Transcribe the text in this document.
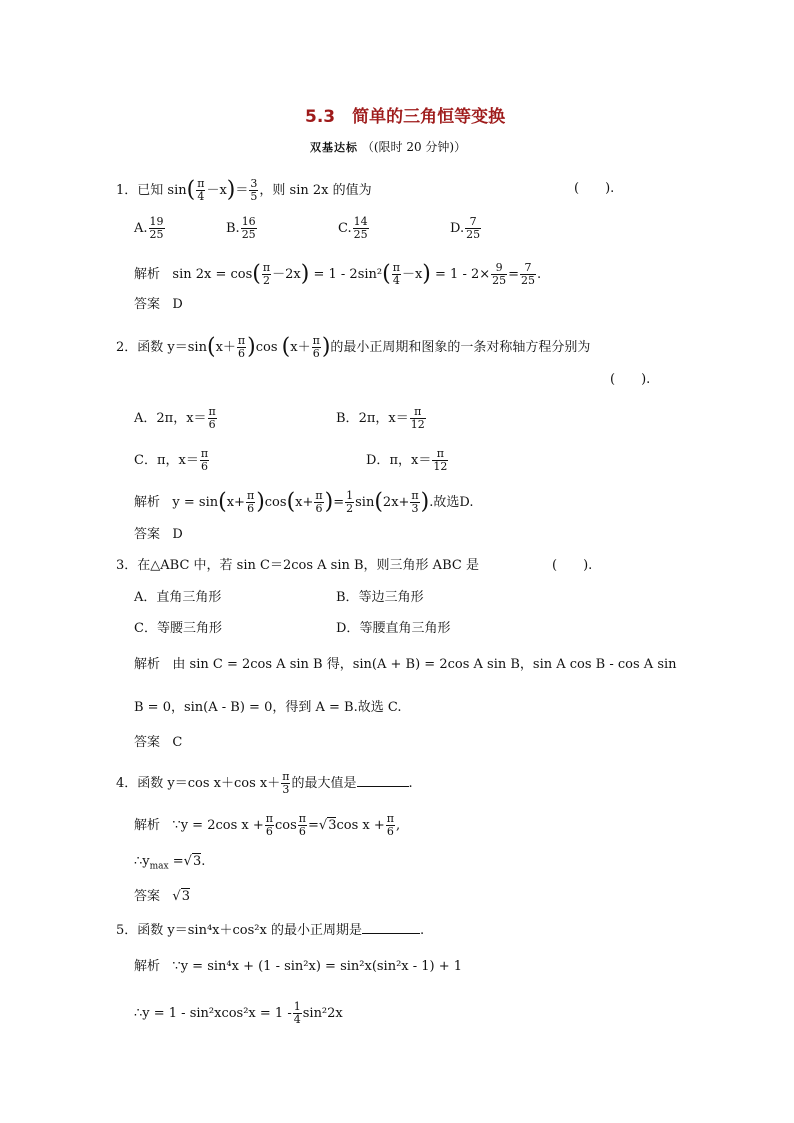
5.3　简单的三角恒等变换
双基达标 （(限时 20 分钟)）
1．已知 $\sin( \frac{\pi}{4} -x)= \frac{3}{5}$ ，则 sin 2x 的值为	(　　).
A. $\frac{19}{25}$	B. $\frac{16}{25}$	C. $\frac{14}{25}$	D. $\frac{7}{25}$
解析 $\sin 2x = \cos( \frac{\pi}{2} -2x) = 1 - 2\sin^2( \frac{\pi}{4} -x) = 1 - 2\times \frac{9}{25} = \frac{7}{25}$ .
答案 D
2．函数 $y=\sin(x+ \frac{\pi}{6} )\cos$ ($x+ \frac{\pi}{6}$ )的最小正周期和图象的一条对称轴方程分别为
(　　).
A．2π，$x= \frac{\pi}{6}$	B．2π，$x= \frac{\pi}{12}$
C．π，$x= \frac{\pi}{6}$	D．π，$x= \frac{\pi}{12}$
解析 $y = \sin(x+ \frac{\pi}{6} )\cos(x+ \frac{\pi}{6}$ )= $\frac{1}{2} \sin(2x+ \frac{\pi}{3}$ ).故选D.
答案 D
3．在△ABC 中，若 sin C＝2cos A sin B，则三角形 ABC 是	(　　).
A．直角三角形	B．等边三角形
C．等腰三角形	D．等腰直角三角形
解析 由 sin C = 2cos A sin B 得，sin(A + B) = 2cos A sin B，sin A cos B - cos A sin
B = 0，sin(A - B) = 0，得到 A = B.故选 C.
答案 C
4．函数 y＝cos x＋cos $x+ \frac{\pi}{3}$ 的最大值是	.
解析 ∵y = 2cos $x + \frac{\pi}{6}$ $\cos \frac{\pi}{6} =√3\cos$ $x + \frac{\pi}{6}$ ,
$\therefore y_{max} =√3$.
答案   √3
5．函数 y＝sin⁴x＋cos²x 的最小正周期是	.
解析 ∵y = sin⁴x + (1 - sin²x) = sin²x(sin²x - 1) + 1
∴y = $1 - \sin^2xcos^2x = 1 - \frac{1}{4} \sin^22x$
